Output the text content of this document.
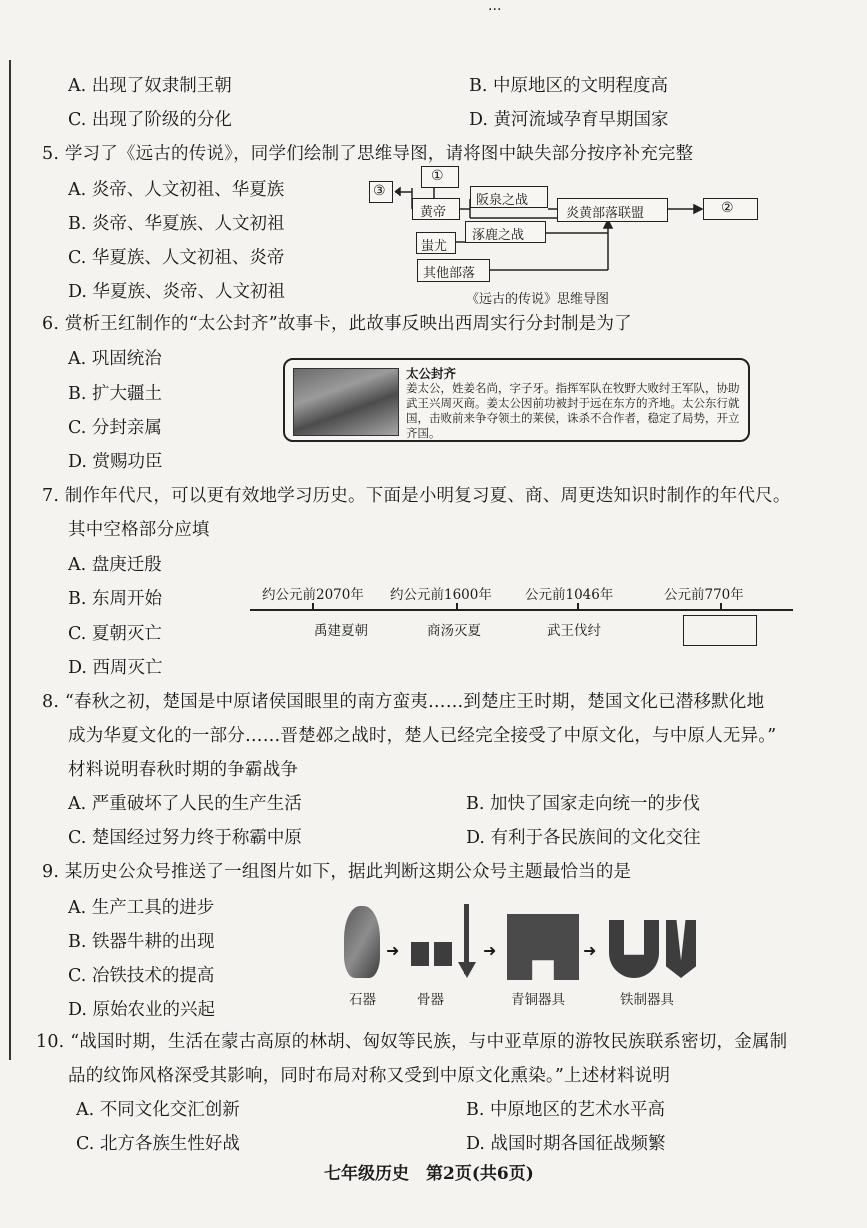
…
A. 出现了奴隶制王朝	B. 中原地区的文明程度高
C. 出现了阶级的分化	D. 黄河流域孕育早期国家
5. 学习了《远古的传说》，同学们绘制了思维导图，请将图中缺失部分按序补充完整
A. 炎帝、人文初祖、华夏族
B. 炎帝、华夏族、人文初祖
C. 华夏族、人文初祖、炎帝
D. 华夏族、炎帝、人文初祖
③
①
黄帝
阪泉之战
炎黄部落联盟	②
蚩尤
涿鹿之战
其他部落
《远古的传说》思维导图
6. 赏析王红制作的“太公封齐”故事卡，此故事反映出西周实行分封制是为了
A. 巩固统治
B. 扩大疆土
C. 分封亲属
D. 赏赐功臣
太公封齐
姜太公，姓姜名尚，字子牙。指挥军队在牧野大败纣王军队，协助武王兴周灭商。姜太公因前功被封于远在东方的齐地。太公东行就国，击败前来争夺领土的莱侯，诛杀不合作者，稳定了局势，开立齐国。
7. 制作年代尺，可以更有效地学习历史。下面是小明复习夏、商、周更迭知识时制作的年代尺。
其中空格部分应填
A. 盘庚迁殷
B. 东周开始
C. 夏朝灭亡
D. 西周灭亡
约公元前2070年 约公元前1600年 公元前1046年	公元前770年
禹建夏朝	商汤灭夏	武王伐纣
8. “春秋之初，楚国是中原诸侯国眼里的南方蛮夷……到楚庄王时期，楚国文化已潜移默化地
成为华夏文化的一部分……晋楚邲之战时，楚人已经完全接受了中原文化，与中原人无异。”
材料说明春秋时期的争霸战争
A. 严重破坏了人民的生产生活	B. 加快了国家走向统一的步伐
C. 楚国经过努力终于称霸中原	D. 有利于各民族间的文化交往
9. 某历史公众号推送了一组图片如下，据此判断这期公众号主题最恰当的是
A. 生产工具的进步
B. 铁器牛耕的出现
C. 冶铁技术的提高
D. 原始农业的兴起
➜	➜	➜
石器	骨器	青铜器具	铁制器具
10. “战国时期，生活在蒙古高原的林胡、匈奴等民族，与中亚草原的游牧民族联系密切，金属制
品的纹饰风格深受其影响，同时布局对称又受到中原文化熏染。”上述材料说明
A. 不同文化交汇创新	B. 中原地区的艺术水平高
C. 北方各族生性好战	D. 战国时期各国征战频繁
七年级历史　第2页(共6页)
